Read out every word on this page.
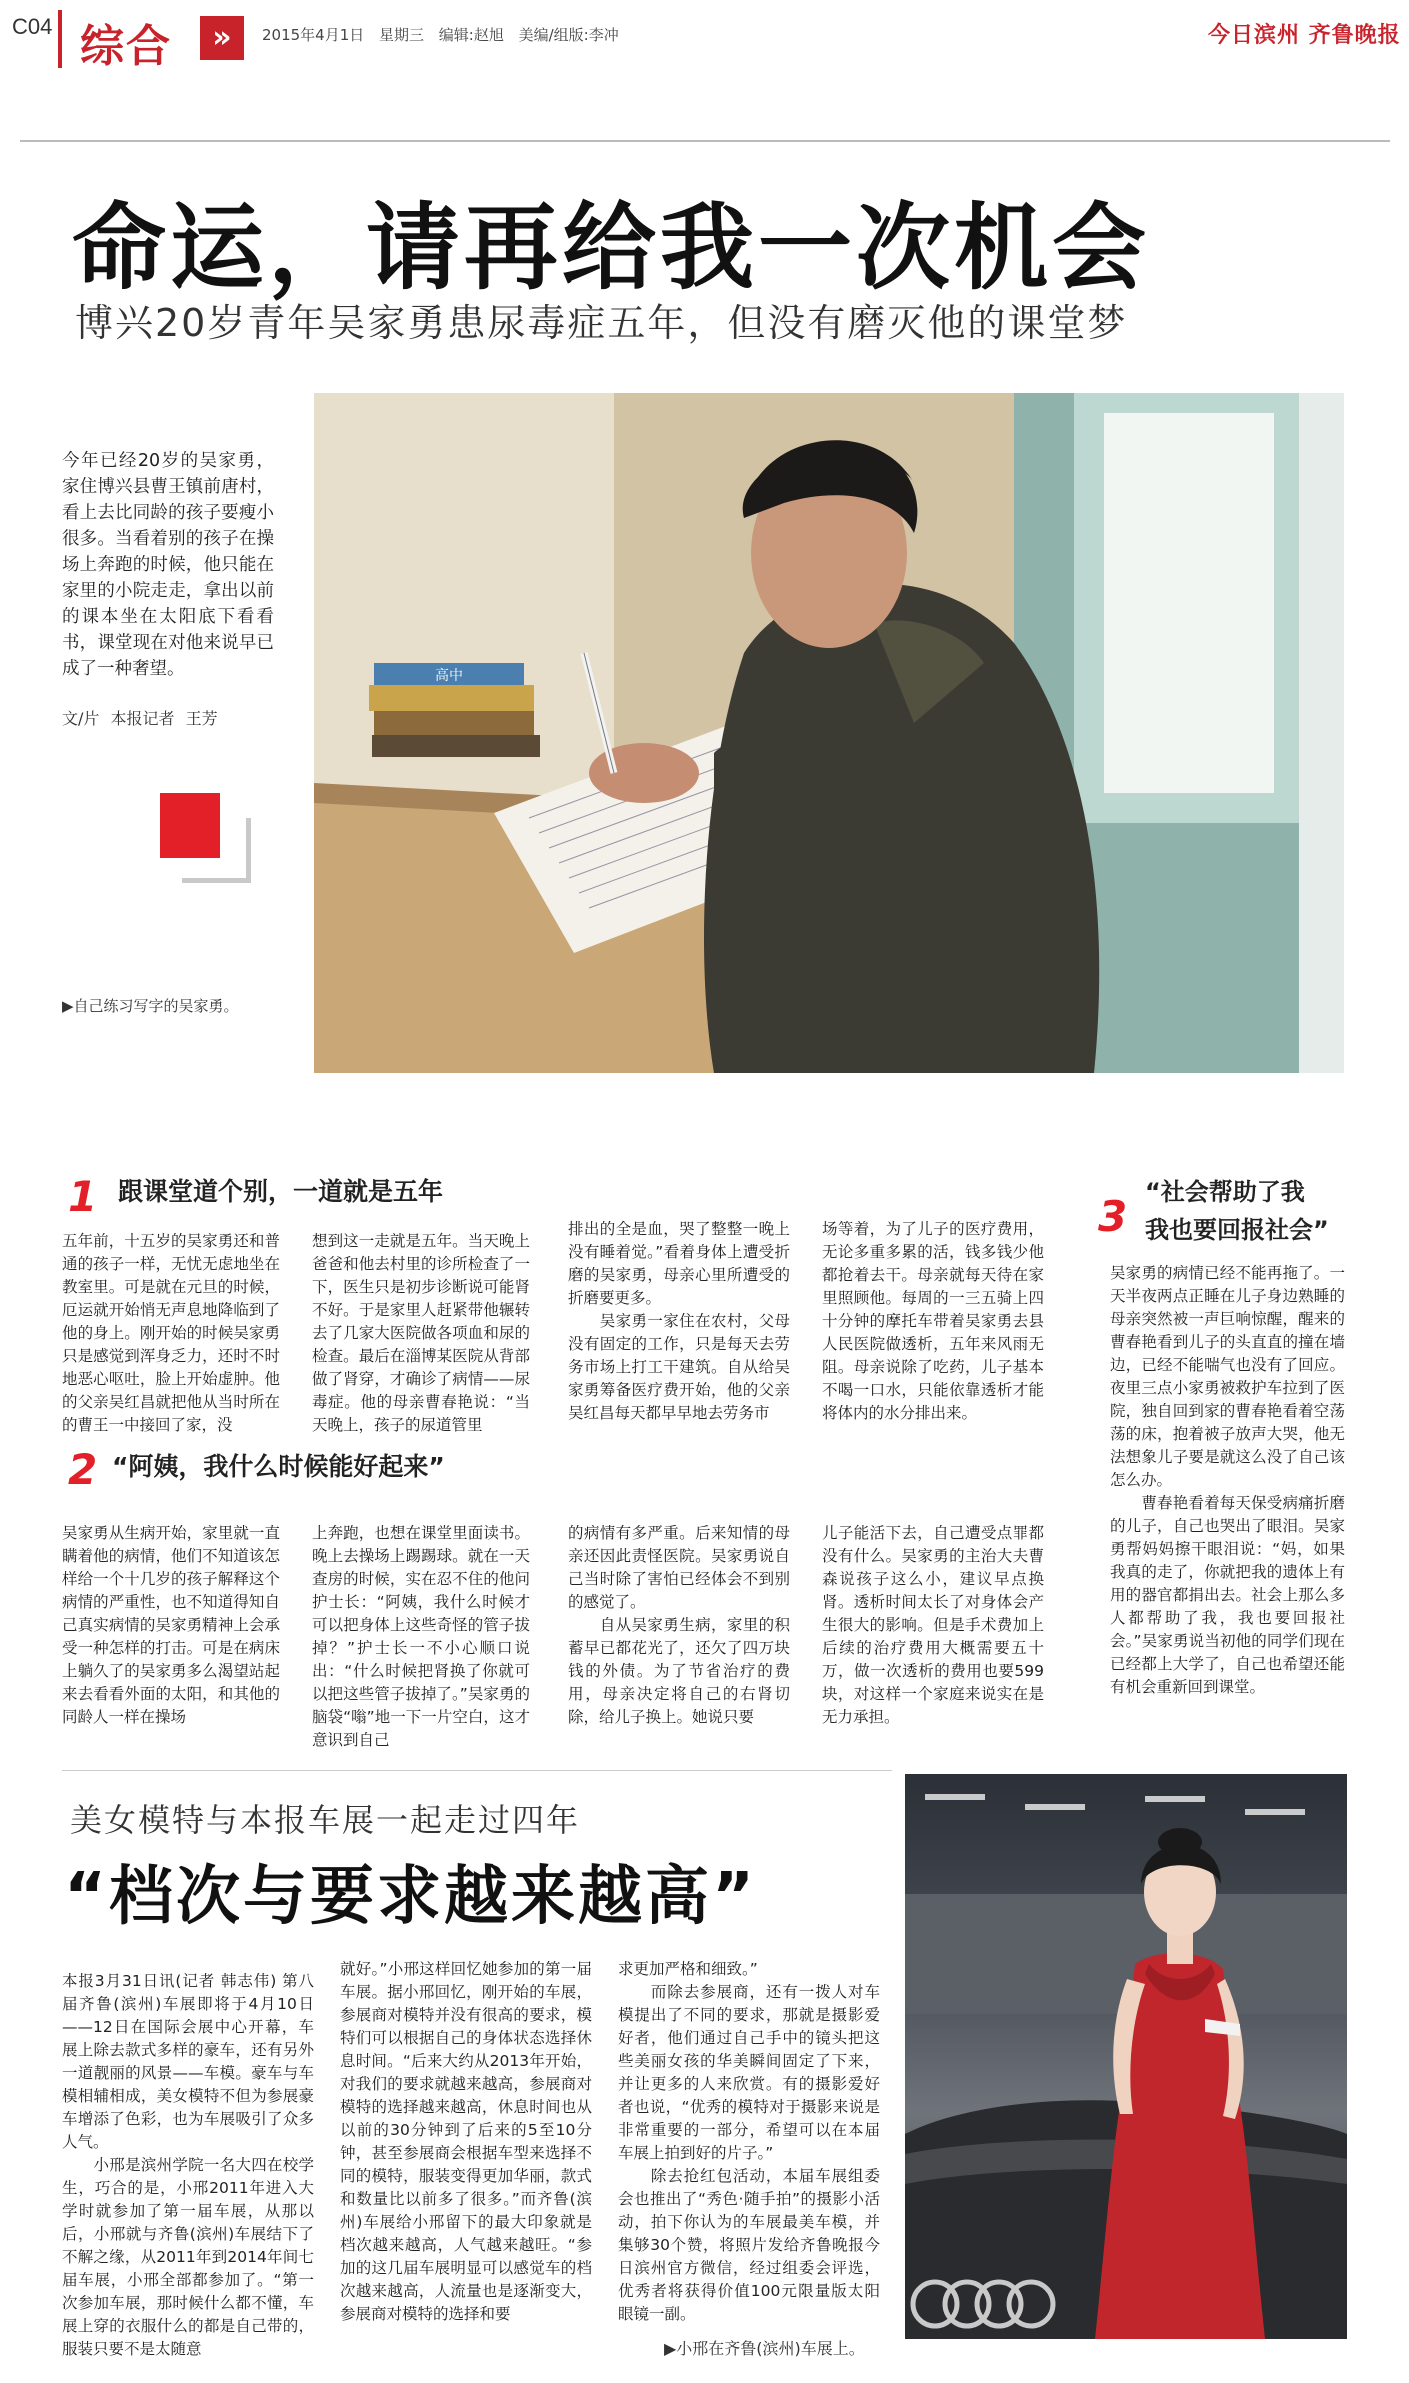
C04 综合	»	2015年4月1日 星期三 编辑:赵旭 美编/组版:李冲	今日滨州 齐鲁晚报
命运，请再给我一次机会
博兴20岁青年吴家勇患尿毒症五年，但没有磨灭他的课堂梦
今年已经20岁的吴家勇，家住博兴县曹王镇前唐村，看上去比同龄的孩子要瘦小很多。当看着别的孩子在操场上奔跑的时候，他只能在家里的小院走走，拿出以前的课本坐在太阳底下看看书，课堂现在对他来说早已成了一种奢望。
文/片 本报记者 王芳
▶自己练习写字的吴家勇。
高中
1 跟课堂道个别，一道就是五年
五年前，十五岁的吴家勇还和普通的孩子一样，无忧无虑地坐在教室里。可是就在元旦的时候，厄运就开始悄无声息地降临到了他的身上。刚开始的时候吴家勇只是感觉到浑身乏力，还时不时地恶心呕吐，脸上开始虚肿。他的父亲吴红昌就把他从当时所在的曹王一中接回了家，没
想到这一走就是五年。当天晚上爸爸和他去村里的诊所检查了一下，医生只是初步诊断说可能肾不好。于是家里人赶紧带他辗转去了几家大医院做各项血和尿的检查。最后在淄博某医院从背部做了肾穿，才确诊了病情——尿毒症。他的母亲曹春艳说：“当天晚上，孩子的尿道管里
排出的全是血，哭了整整一晚上没有睡着觉。”看着身体上遭受折磨的吴家勇，母亲心里所遭受的折磨要更多。
　　吴家勇一家住在农村，父母没有固定的工作，只是每天去劳务市场上打工干建筑。自从给吴家勇筹备医疗费开始，他的父亲吴红昌每天都早早地去劳务市
场等着，为了儿子的医疗费用，无论多重多累的活，钱多钱少他都抢着去干。母亲就每天待在家里照顾他。每周的一三五骑上四十分钟的摩托车带着吴家勇去县人民医院做透析，五年来风雨无阻。母亲说除了吃药，儿子基本不喝一口水，只能依靠透析才能将体内的水分排出来。
2 “阿姨，我什么时候能好起来”
吴家勇从生病开始，家里就一直瞒着他的病情，他们不知道该怎样给一个十几岁的孩子解释这个病情的严重性，也不知道得知自己真实病情的吴家勇精神上会承受一种怎样的打击。可是在病床上躺久了的吴家勇多么渴望站起来去看看外面的太阳，和其他的同龄人一样在操场
上奔跑，也想在课堂里面读书。晚上去操场上踢踢球。就在一天查房的时候，实在忍不住的他问护士长：“阿姨，我什么时候才可以把身体上这些奇怪的管子拔掉？”护士长一不小心顺口说出：“什么时候把肾换了你就可以把这些管子拔掉了。”吴家勇的脑袋“嗡”地一下一片空白，这才意识到自己
的病情有多严重。后来知情的母亲还因此责怪医院。吴家勇说自己当时除了害怕已经体会不到别的感觉了。
　　自从吴家勇生病，家里的积蓄早已都花光了，还欠了四万块钱的外债。为了节省治疗的费用，母亲决定将自己的右肾切除，给儿子换上。她说只要
儿子能活下去，自己遭受点罪都没有什么。吴家勇的主治大夫曹森说孩子这么小，建议早点换肾。透析时间太长了对身体会产生很大的影响。但是手术费加上后续的治疗费用大概需要五十万，做一次透析的费用也要599块，对这样一个家庭来说实在是无力承担。
“社会帮助了我
3 我也要回报社会”
吴家勇的病情已经不能再拖了。一天半夜两点正睡在儿子身边熟睡的母亲突然被一声巨响惊醒，醒来的曹春艳看到儿子的头直直的撞在墙边，已经不能喘气也没有了回应。夜里三点小家勇被救护车拉到了医院，独自回到家的曹春艳看着空荡荡的床，抱着被子放声大哭，他无法想象儿子要是就这么没了自己该怎么办。
　　曹春艳看着每天保受病痛折磨的儿子，自己也哭出了眼泪。吴家勇帮妈妈擦干眼泪说：“妈，如果我真的走了，你就把我的遗体上有用的器官都捐出去。社会上那么多人都帮助了我，我也要回报社会。”吴家勇说当初他的同学们现在已经都上大学了，自己也希望还能有机会重新回到课堂。
美女模特与本报车展一起走过四年
“档次与要求越来越高”
本报3月31日讯(记者 韩志伟) 第八届齐鲁(滨州)车展即将于4月10日——12日在国际会展中心开幕，车展上除去款式多样的豪车，还有另外一道靓丽的风景——车模。豪车与车模相辅相成，美女模特不但为参展豪车增添了色彩，也为车展吸引了众多人气。
　　小邢是滨州学院一名大四在校学生，巧合的是，小邢2011年进入大学时就参加了第一届车展，从那以后，小邢就与齐鲁(滨州)车展结下了不解之缘，从2011年到2014年间七届车展，小邢全部都参加了。“第一次参加车展，那时候什么都不懂，车展上穿的衣服什么的都是自己带的，服装只要不是太随意
就好。”小邢这样回忆她参加的第一届车展。据小邢回忆，刚开始的车展，参展商对模特并没有很高的要求，模特们可以根据自己的身体状态选择休息时间。“后来大约从2013年开始，对我们的要求就越来越高，参展商对模特的选择越来越高，休息时间也从以前的30分钟到了后来的5至10分钟，甚至参展商会根据车型来选择不同的模特，服装变得更加华丽，款式和数量比以前多了很多。”而齐鲁(滨州)车展给小邢留下的最大印象就是档次越来越高，人气越来越旺。“参加的这几届车展明显可以感觉车的档次越来越高，人流量也是逐渐变大，参展商对模特的选择和要
求更加严格和细致。”
　　而除去参展商，还有一拨人对车模提出了不同的要求，那就是摄影爱好者，他们通过自己手中的镜头把这些美丽女孩的华美瞬间固定了下来，并让更多的人来欣赏。有的摄影爱好者也说，“优秀的模特对于摄影来说是非常重要的一部分，希望可以在本届车展上拍到好的片子。”
　　除去抢红包活动，本届车展组委会也推出了“秀色·随手拍”的摄影小活动，拍下你认为的车展最美车模，并集够30个赞，将照片发给齐鲁晚报今日滨州官方微信，经过组委会评选，优秀者将获得价值100元限量版太阳眼镜一副。
▶小邢在齐鲁(滨州)车展上。
